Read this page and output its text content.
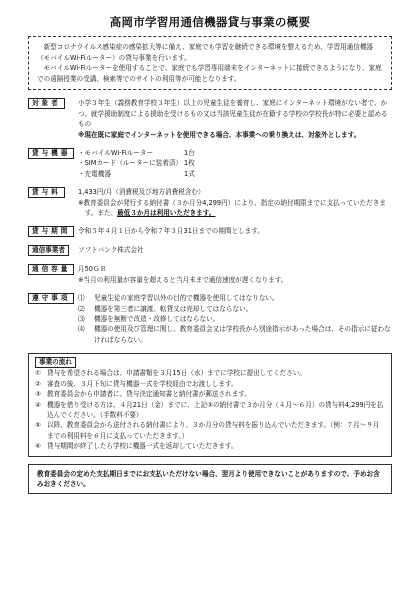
高岡市学習用通信機器貸与事業の概要

新型コロナウイルス感染症の感染拡大等に備え、家庭でも学習を継続できる環境を整えるため、学習用通信機器（モバイルWi-Fiルーター）の貸与事業を行います。

モバイルWi-Fiルーターを使用することで、家庭でも学習専用端末をインターネットに接続できるようになり、家庭での遠隔授業の受講、検索等でのサイトの利用等が可能となります。

対象者	小学３年生（義務教育学校３年生）以上の児童生徒を養育し、家庭にインターネット環境がない者で、かつ、就学援助制度による援助を受けるもの又は当該児童生徒が在籍する学校の学校長が特に必要と認めるもの

※現在既に家庭でインターネットを使用できる場合、本事業への乗り換えは、対象外とします。

貸与機器	・モバイルWi-Fiルーター	1台
・SIMカード（ルーターに装着済） 1枚
・充電機器	1式
貸与料	1,433円/月（消費税及び地方消費税含む）

※教育委員会が発行する納付書（３か月分4,299円）により、指定の納付期限までに支払っていただきます。また、最低３か月は利用いただきます。

貸与期間	令和５年４月１日から令和７年３月31日までの期間とします。

通信事業者	ソフトバンク株式会社

通信容量	月50ＧＢ

※当月の利用量が容量を超えると当月末まで通信速度が遅くなります。

遵守事項	⑴	児童生徒の家庭学習以外の目的で機器を使用してはなりない。
⑵	機器を第三者に譲渡、転貸又は売却してはならない。
⑶	機器を無断で改造・改修してはならない。
⑷	機器の使用及び管理に関し、教育委員会又は学校長から別途指示があった場合は、その指示に従わなければならない。
事業の流れ
① 貸与を希望される場合は、申請書類を３月15日（水）までに学校に提出してください。
② 審査の後、３月下旬に貸与機器一式を学校経由でお渡しします。
③ 教育委員会から申請者に、貸与決定通知書と納付書が郵送されます。
④ 機器を借り受ける方は、４月21日（金）までに、上記③の納付書で３か月分（４月～６月）の貸与料4,299円を払込んでください。（手数料不要）
⑤ 以降、教育委員会から送付される納付書により、３か月分の貸与料を振り込んでいただきます。（例：７月～９月までの利用料を６月に支払っていただきます。）
⑥ 貸与期間が終了したら学校に機器一式を返却していただきます。
教育委員会の定めた支払期日までにお支払いただけない場合、翌月より使用できないことがありますので、予めお含みおきください。
